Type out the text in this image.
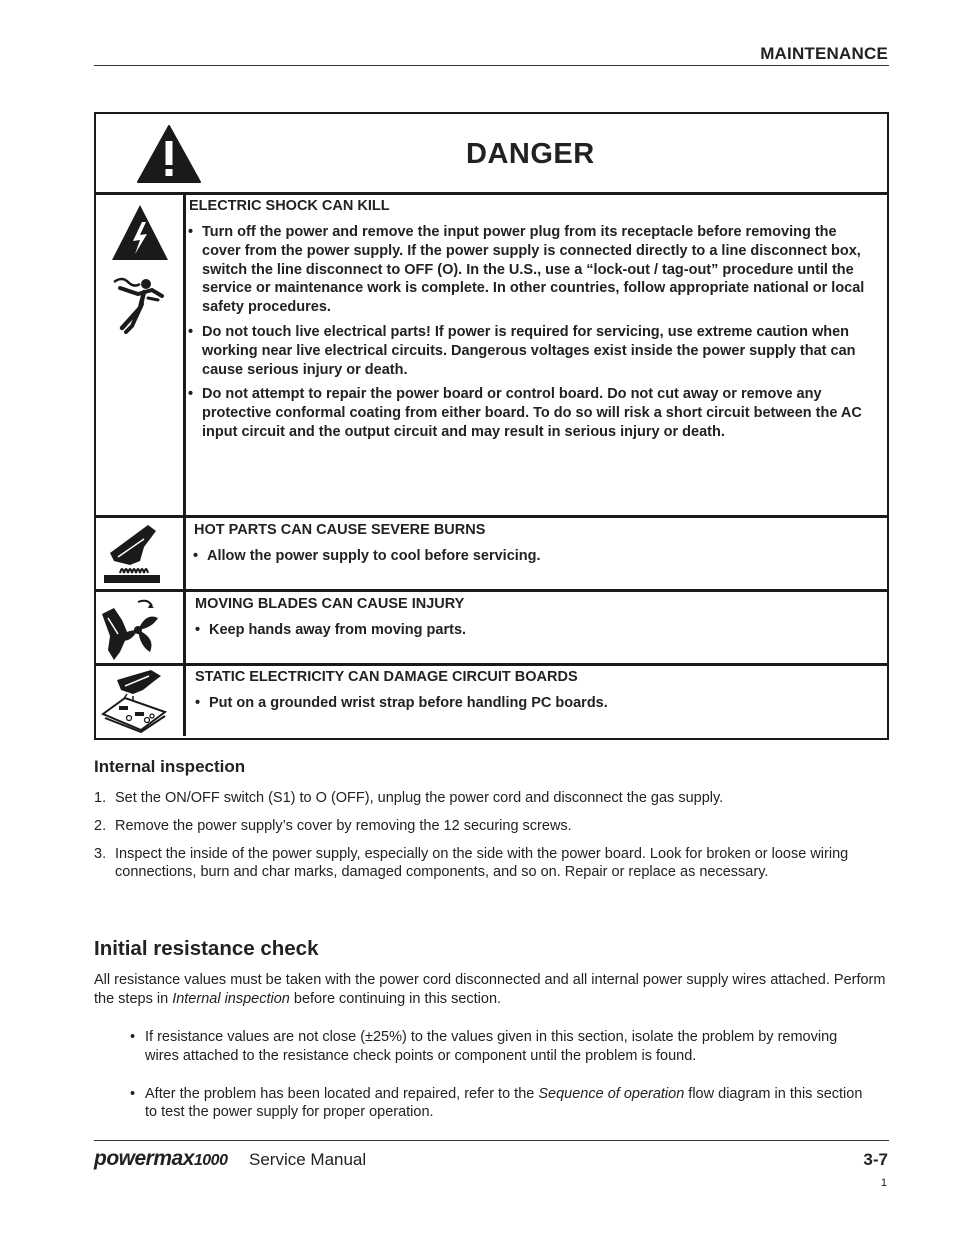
MAINTENANCE
DANGER
ELECTRIC SHOCK CAN KILL
• Turn off the power and remove the input power plug from its receptacle before removing the cover from the power supply. If the power supply is connected directly to a line disconnect box, switch the line disconnect to OFF (O). In the U.S., use a “lock-out / tag-out” procedure until the service or maintenance work is complete. In other countries, follow appropriate national or local safety procedures.
• Do not touch live electrical parts! If power is required for servicing, use extreme caution when working near live electrical circuits. Dangerous voltages exist inside the power supply that can cause serious injury or death.
• Do not attempt to repair the power board or control board. Do not cut away or remove any protective conformal coating from either board. To do so will risk a short circuit between the AC input circuit and the output circuit and may result in serious injury or death.
HOT PARTS CAN CAUSE SEVERE BURNS
• Allow the power supply to cool before servicing.
MOVING BLADES CAN CAUSE INJURY
• Keep hands away from moving parts.
STATIC ELECTRICITY CAN DAMAGE CIRCUIT BOARDS
• Put on a grounded wrist strap before handling PC boards.
Internal inspection
1. Set the ON/OFF switch (S1) to O (OFF), unplug the power cord and disconnect the gas supply.
2. Remove the power supply’s cover by removing the 12 securing screws.
3. Inspect the inside of the power supply, especially on the side with the power board. Look for broken or loose wiring connections, burn and char marks, damaged components, and so on. Repair or replace as necessary.
Initial resistance check
All resistance values must be taken with the power cord disconnected and all internal power supply wires attached. Perform the steps in Internal inspection before continuing in this section.
• If resistance values are not close (±25%) to the values given in this section, isolate the problem by removing wires attached to the resistance check points or component until the problem is found.
• After the problem has been located and repaired, refer to the Sequence of operation flow diagram in this section to test the power supply for proper operation.
powermax1000 Service Manual	3-7
1
